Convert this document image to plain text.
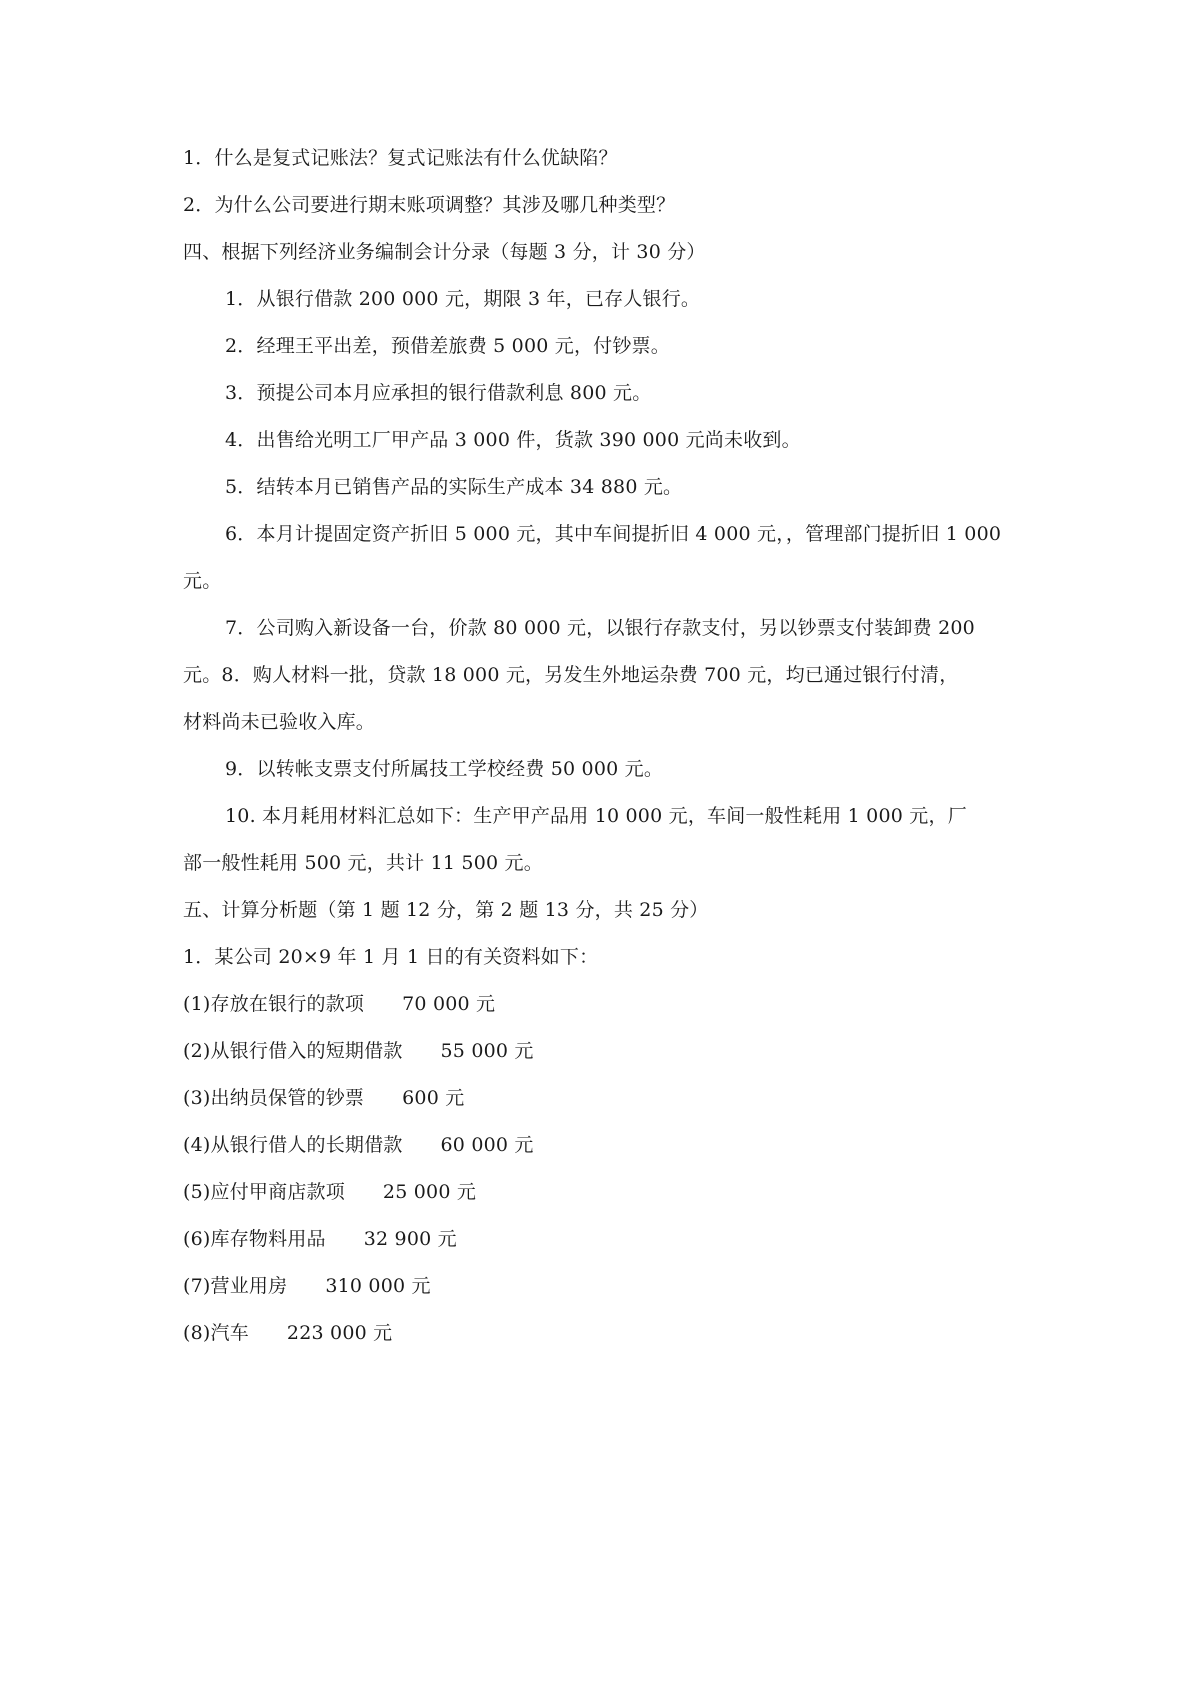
1．什么是复式记账法？复式记账法有什么优缺陷？
2．为什么公司要进行期末账项调整？其涉及哪几种类型？
四、根据下列经济业务编制会计分录（每题 3 分，计 30 分）
1．从银行借款 200 000 元，期限 3 年，已存人银行。
2．经理王平出差，预借差旅费 5 000 元，付钞票。
3．预提公司本月应承担的银行借款利息 800 元。
4．出售给光明工厂甲产品 3 000 件，货款 390 000 元尚未收到。
5．结转本月已销售产品的实际生产成本 34 880 元。
6．本月计提固定资产折旧 5 000 元，其中车间提折旧 4 000 元，，管理部门提折旧 1 000
元。
7．公司购入新设备一台，价款 80 000 元，以银行存款支付，另以钞票支付装卸费 200
元。8．购人材料一批，贷款 18 000 元，另发生外地运杂费 700 元，均已通过银行付清，
材料尚未已验收入库。
9．以转帐支票支付所属技工学校经费 50 000 元。
10. 本月耗用材料汇总如下：生产甲产品用 10 000 元，车间一般性耗用 1 000 元，厂
部一般性耗用 500 元，共计 11 500 元。
五、计算分析题（第 1 题 12 分，第 2 题 13 分，共 25 分）
1．某公司 20×9 年 1 月 1 日的有关资料如下：
(1)存放在银行的款项 70 000 元
(2)从银行借入的短期借款 55 000 元
(3)出纳员保管的钞票 600 元
(4)从银行借人的长期借款 60 000 元
(5)应付甲商店款项 25 000 元
(6)库存物料用品 32 900 元
(7)营业用房 310 000 元
(8)汽车 223 000 元
